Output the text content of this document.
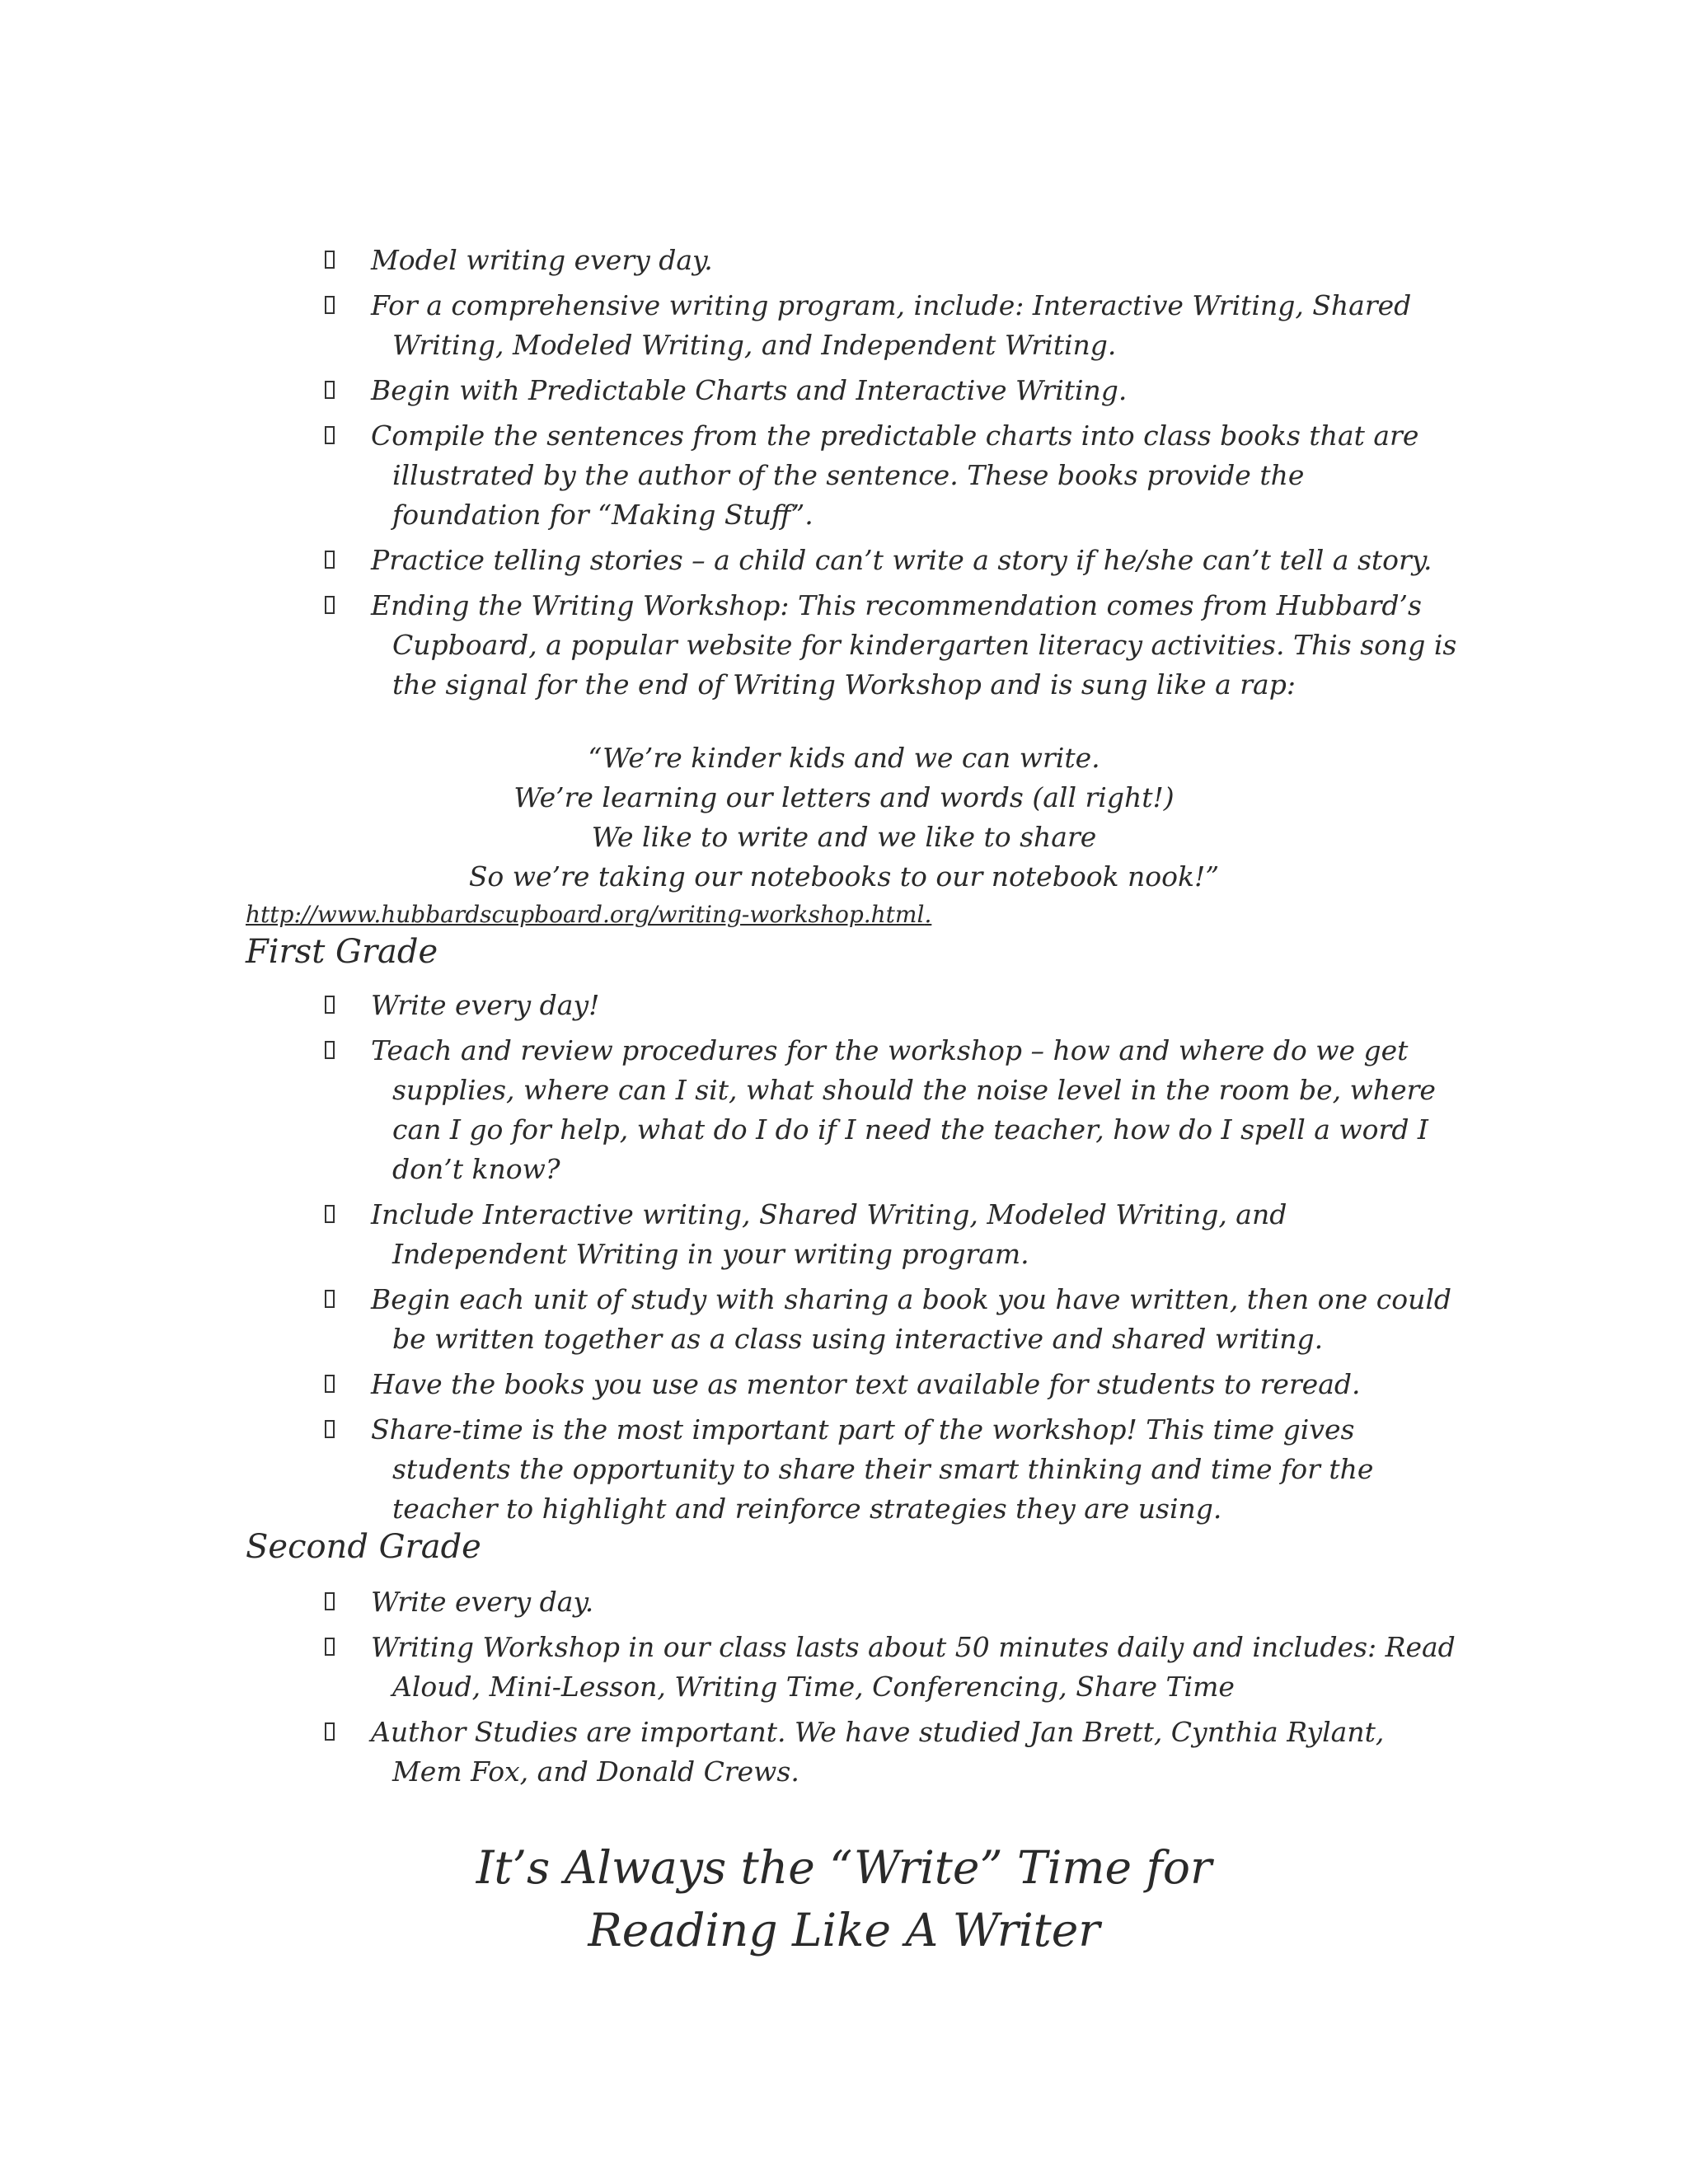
Model writing every day.
For a comprehensive writing program, include: Interactive Writing, Shared Writing, Modeled Writing, and Independent Writing.
Begin with Predictable Charts and Interactive Writing.
Compile the sentences from the predictable charts into class books that are illustrated by the author of the sentence. These books provide the foundation for “Making Stuff”.
Practice telling stories – a child can’t write a story if he/she can’t tell a story.
Ending the Writing Workshop: This recommendation comes from Hubbard’s Cupboard, a popular website for kindergarten literacy activities. This song is the signal for the end of Writing Workshop and is sung like a rap:
“We’re kinder kids and we can write.
We’re learning our letters and words (all right!)
We like to write and we like to share
So we’re taking our notebooks to our notebook nook!”
http://www.hubbardscupboard.org/writing-workshop.html.
First Grade
Write every day!
Teach and review procedures for the workshop – how and where do we get supplies, where can I sit, what should the noise level in the room be, where can I go for help, what do I do if I need the teacher, how do I spell a word I don’t know?
Include Interactive writing, Shared Writing, Modeled Writing, and Independent Writing in your writing program.
Begin each unit of study with sharing a book you have written, then one could be written together as a class using interactive and shared writing.
Have the books you use as mentor text available for students to reread.
Share-time is the most important part of the workshop! This time gives students the opportunity to share their smart thinking and time for the teacher to highlight and reinforce strategies they are using.
Second Grade
Write every day.
Writing Workshop in our class lasts about 50 minutes daily and includes: Read Aloud, Mini-Lesson, Writing Time, Conferencing, Share Time
Author Studies are important. We have studied Jan Brett, Cynthia Rylant, Mem Fox, and Donald Crews.
It’s Always the “Write” Time for
Reading Like A Writer
